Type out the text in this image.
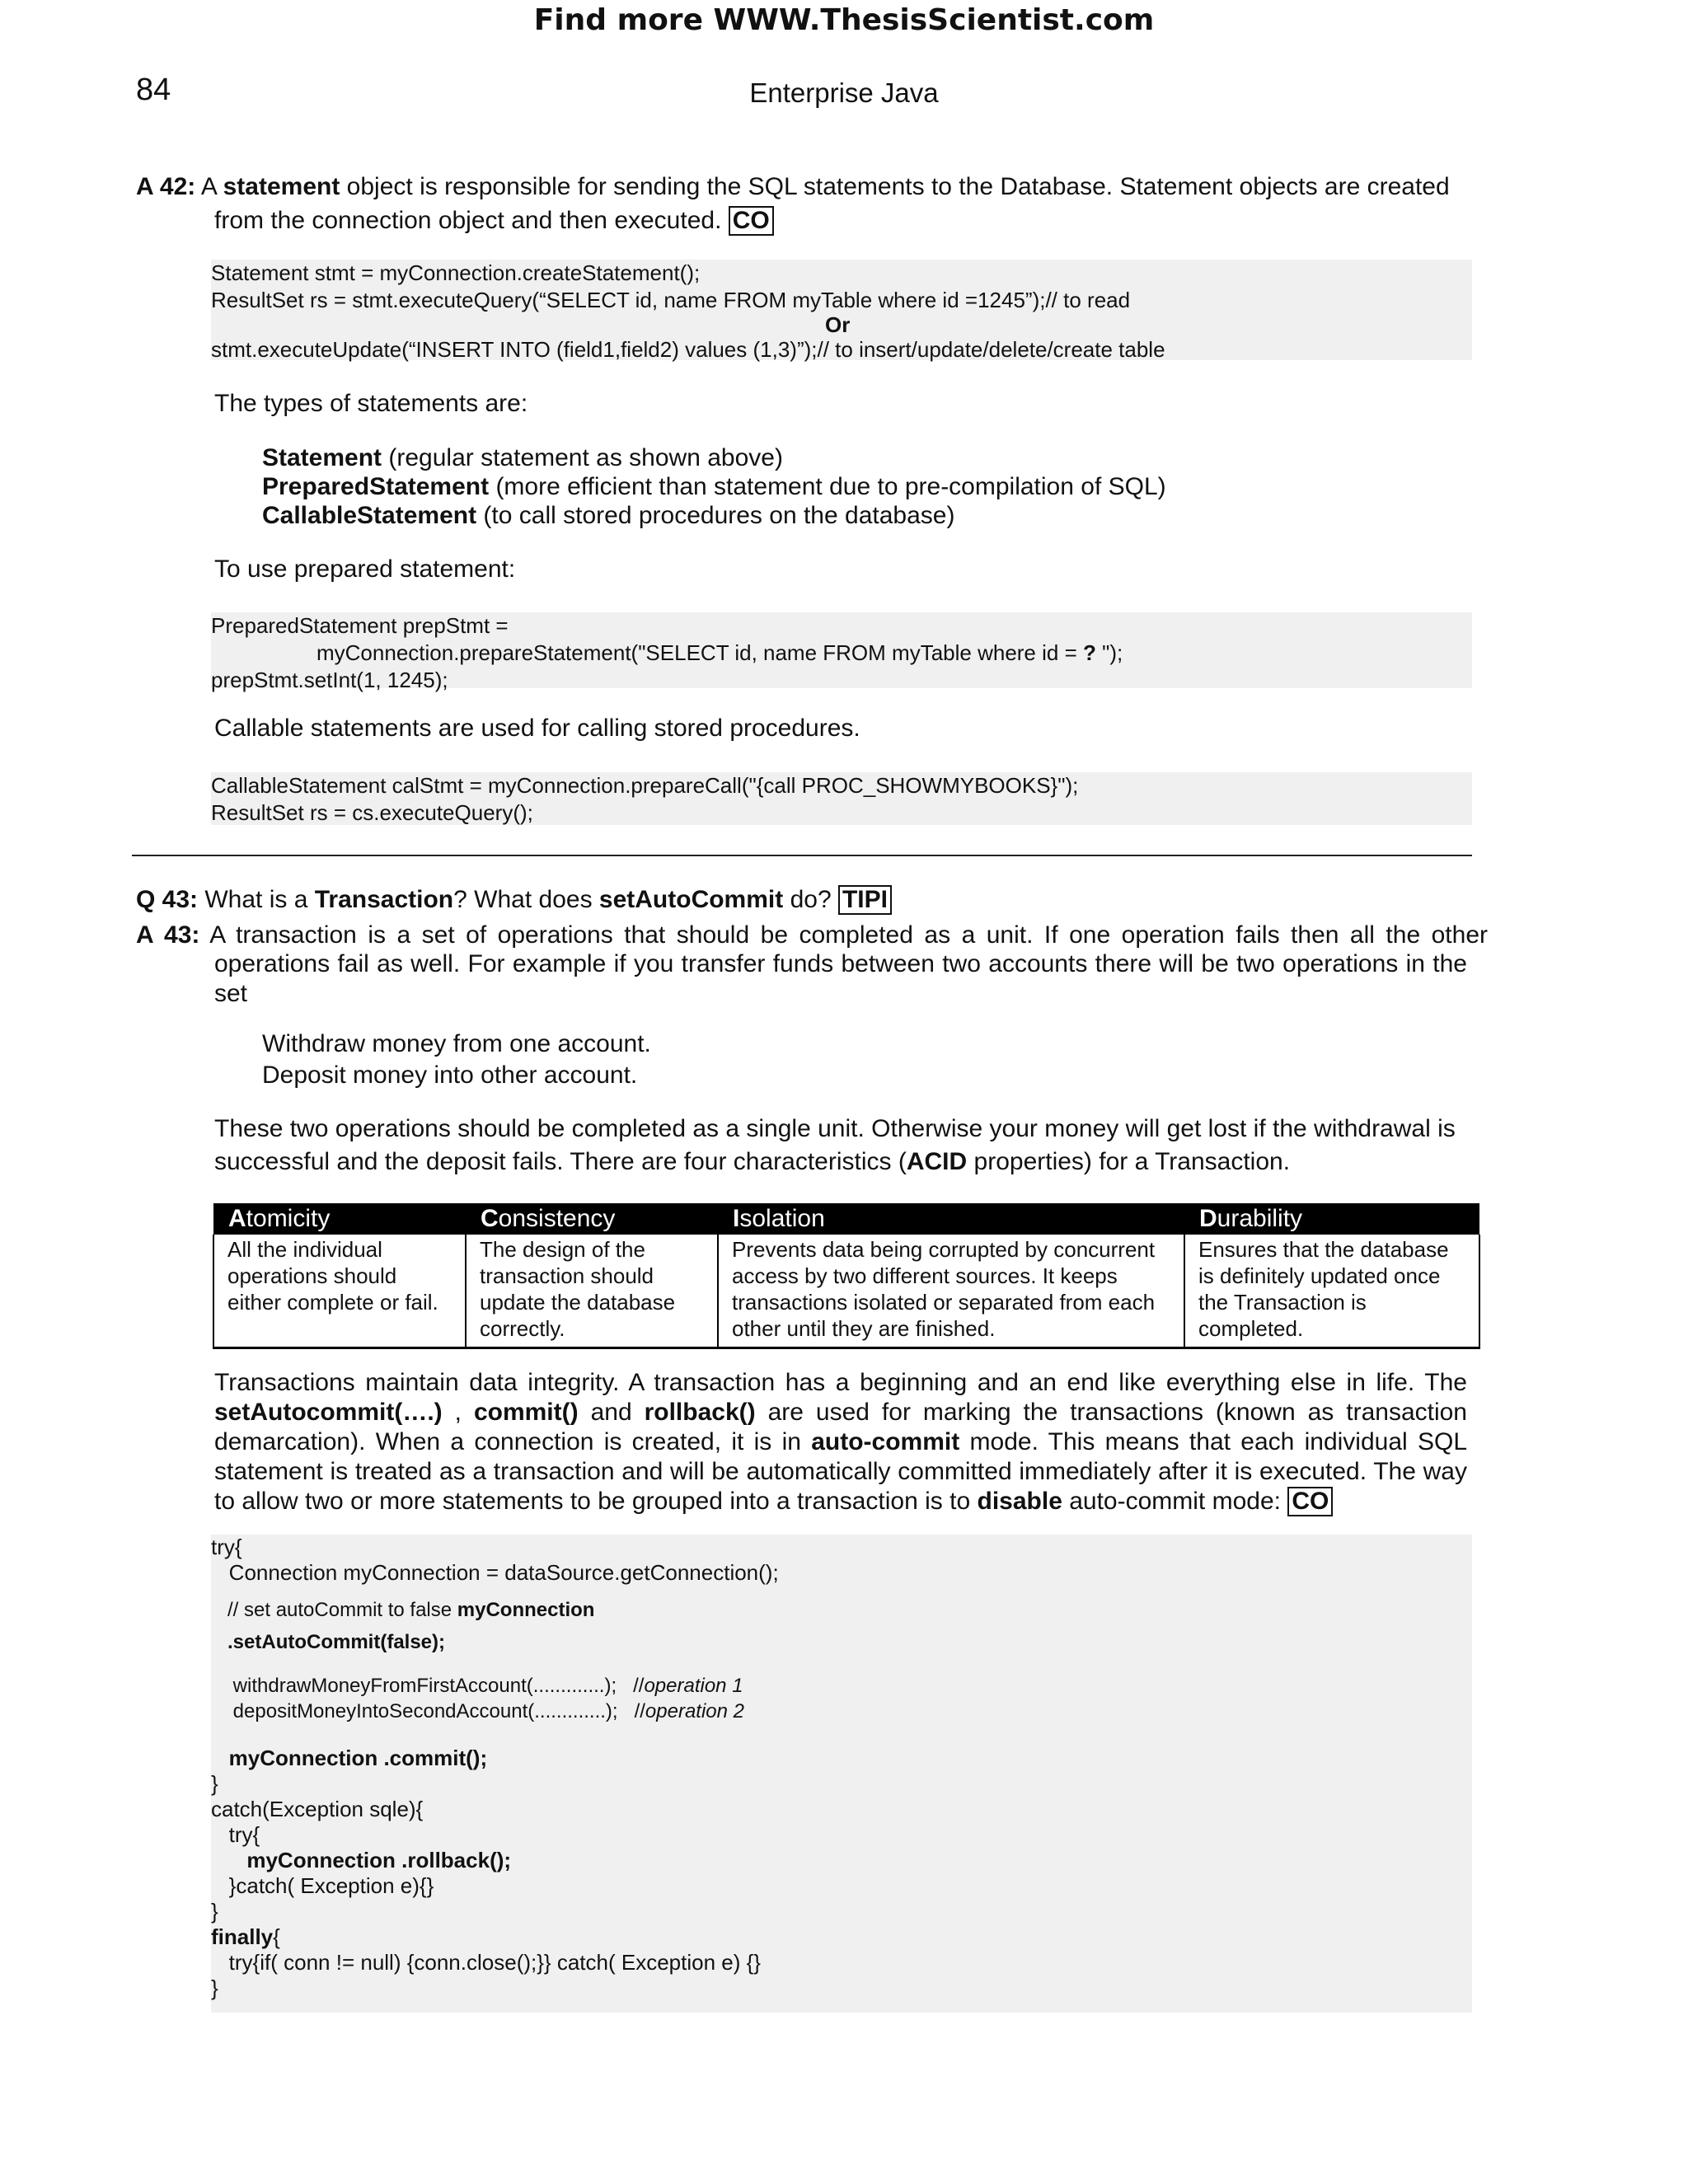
Find more WWW.ThesisScientist.com
84	Enterprise Java
A 42: A statement object is responsible for sending the SQL statements to the Database. Statement objects are created
from the connection object and then executed. CO
Statement stmt = myConnection.createStatement();
ResultSet rs = stmt.executeQuery(“SELECT id, name FROM myTable where id =1245”);// to read
Or
stmt.executeUpdate(“INSERT INTO (field1,field2) values (1,3)”);// to insert/update/delete/create table
The types of statements are:
Statement (regular statement as shown above)
PreparedStatement (more efficient than statement due to pre-compilation of SQL)
CallableStatement (to call stored procedures on the database)
To use prepared statement:
PreparedStatement prepStmt =
myConnection.prepareStatement("SELECT id, name FROM myTable where id = ? ");
prepStmt.setInt(1, 1245);
Callable statements are used for calling stored procedures.
CallableStatement calStmt = myConnection.prepareCall("{call PROC_SHOWMYBOOKS}");
ResultSet rs = cs.executeQuery();
Q 43: What is a Transaction? What does setAutoCommit do? TIPI
A 43: A transaction is a set of operations that should be completed as a unit. If one operation fails then all the other
operations fail as well. For example if you transfer funds between two accounts there will be two operations in the
set
Withdraw money from one account.
Deposit money into other account.
These two operations should be completed as a single unit. Otherwise your money will get lost if the withdrawal is
successful and the deposit fails. There are four characteristics (ACID properties) for a Transaction.
Atomicity	Consistency	Isolation	Durability
All the individual operations should either complete or fail.	The design of the transaction should update the database correctly.	Prevents data being corrupted by concurrent access by two different sources. It keeps transactions isolated or separated from each other until they are finished.	Ensures that the database is definitely updated once the Transaction is completed.
Transactions maintain data integrity. A transaction has a beginning and an end like everything else in life. The
setAutocommit(….) , commit() and rollback() are used for marking the transactions (known as transaction
demarcation). When a connection is created, it is in auto-commit mode. This means that each individual SQL
statement is treated as a transaction and will be automatically committed immediately after it is executed. The way
to allow two or more statements to be grouped into a transaction is to disable auto-commit mode: CO
try{
Connection myConnection = dataSource.getConnection();
// set autoCommit to false myConnection
.setAutoCommit(false);
withdrawMoneyFromFirstAccount(.............);   //operation 1
depositMoneyIntoSecondAccount(.............);   //operation 2
myConnection .commit();
}
catch(Exception sqle){
try{
myConnection .rollback();
}catch( Exception e){}
}
finally{
try{if( conn != null) {conn.close();}} catch( Exception e) {}
}
